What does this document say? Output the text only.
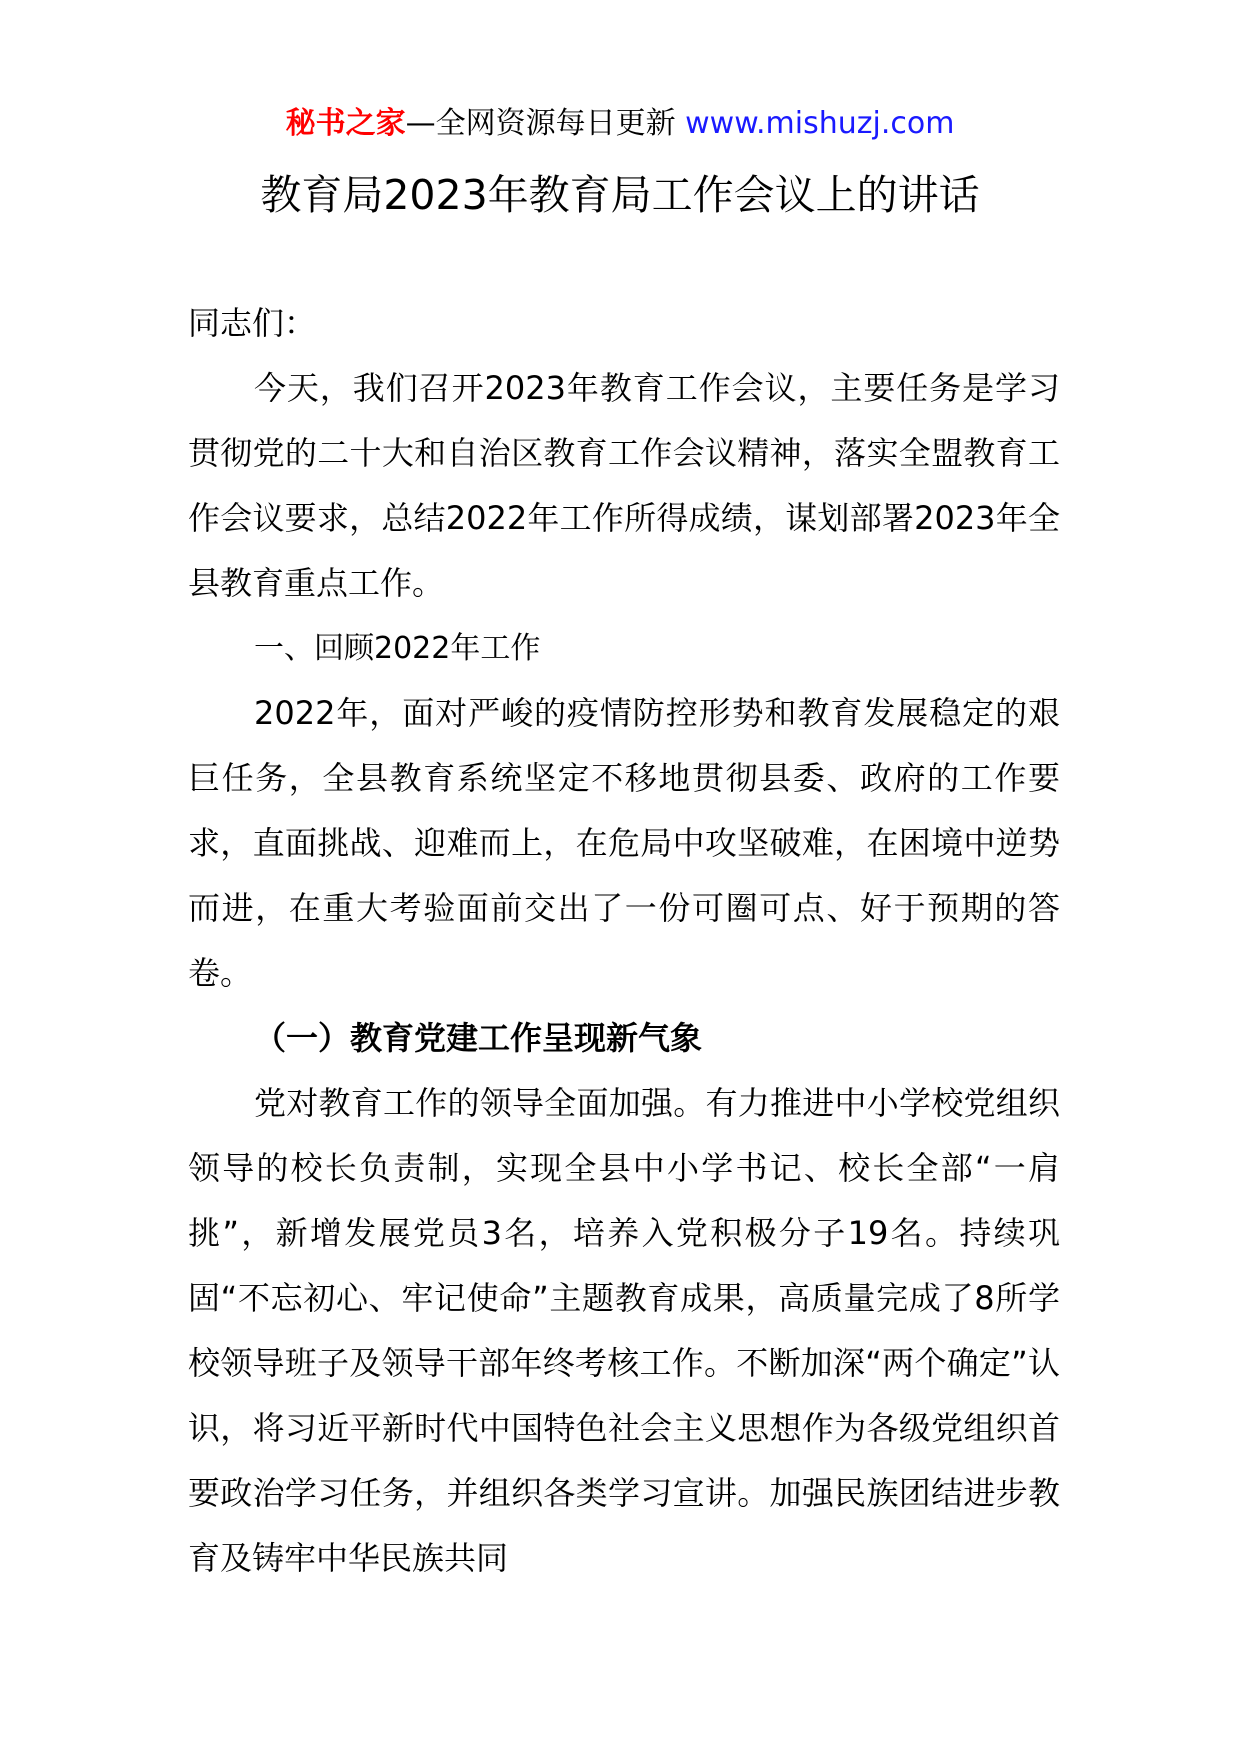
秘书之家—全网资源每日更新 www.mishuzj.com
教育局2023年教育局工作会议上的讲话

同志们：

今天，我们召开2023年教育工作会议，主要任务是学习贯彻党的二十大和自治区教育工作会议精神，落实全盟教育工作会议要求，总结2022年工作所得成绩，谋划部署2023年全县教育重点工作。

一、回顾2022年工作

2022年，面对严峻的疫情防控形势和教育发展稳定的艰巨任务，全县教育系统坚定不移地贯彻县委、政府的工作要求，直面挑战、迎难而上，在危局中攻坚破难，在困境中逆势而进，在重大考验面前交出了一份可圈可点、好于预期的答卷。

（一）教育党建工作呈现新气象

党对教育工作的领导全面加强。有力推进中小学校党组织领导的校长负责制，实现全县中小学书记、校长全部“一肩挑”，新增发展党员3名，培养入党积极分子19名。持续巩固“不忘初心、牢记使命”主题教育成果，高质量完成了8所学校领导班子及领导干部年终考核工作。不断加深“两个确定”认识，将习近平新时代中国特色社会主义思想作为各级党组织首要政治学习任务，并组织各类学习宣讲。加强民族团结进步教育及铸牢中华民族共同
